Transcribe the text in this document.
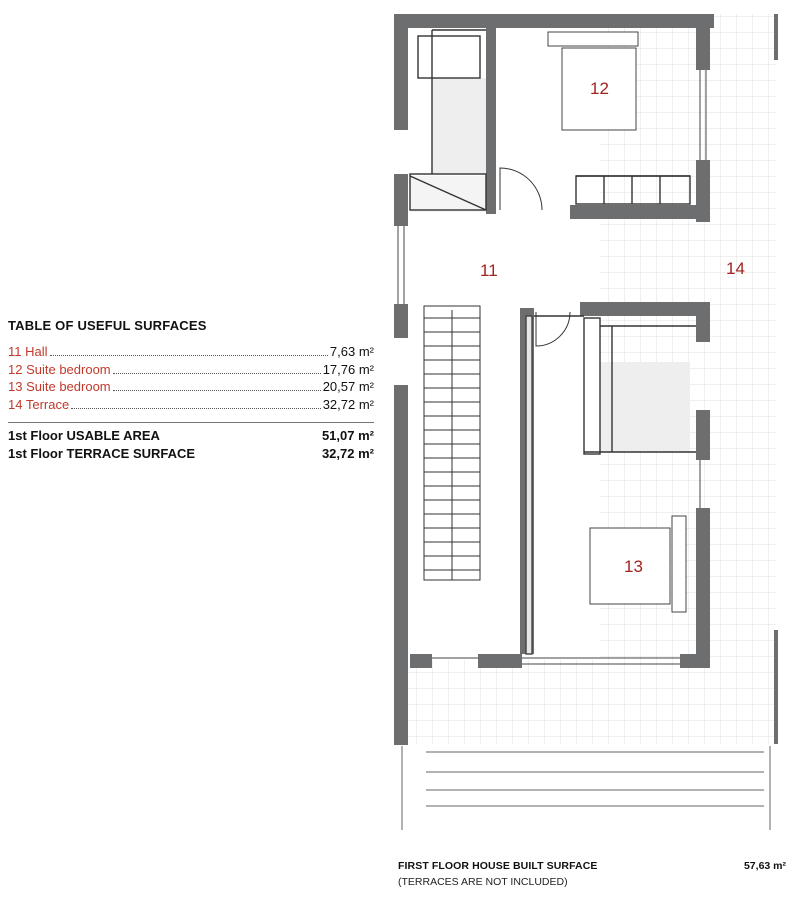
12
11	14
13
TABLE OF USEFUL SURFACES
11 Hall	7,63 m²
12 Suite bedroom	17,76 m²
13 Suite bedroom	20,57 m²
14 Terrace	32,72 m²
1st Floor USABLE AREA	51,07 m²
1st Floor TERRACE SURFACE	32,72 m²
FIRST FLOOR HOUSE BUILT SURFACE	57,63 m²
(TERRACES ARE NOT INCLUDED)
